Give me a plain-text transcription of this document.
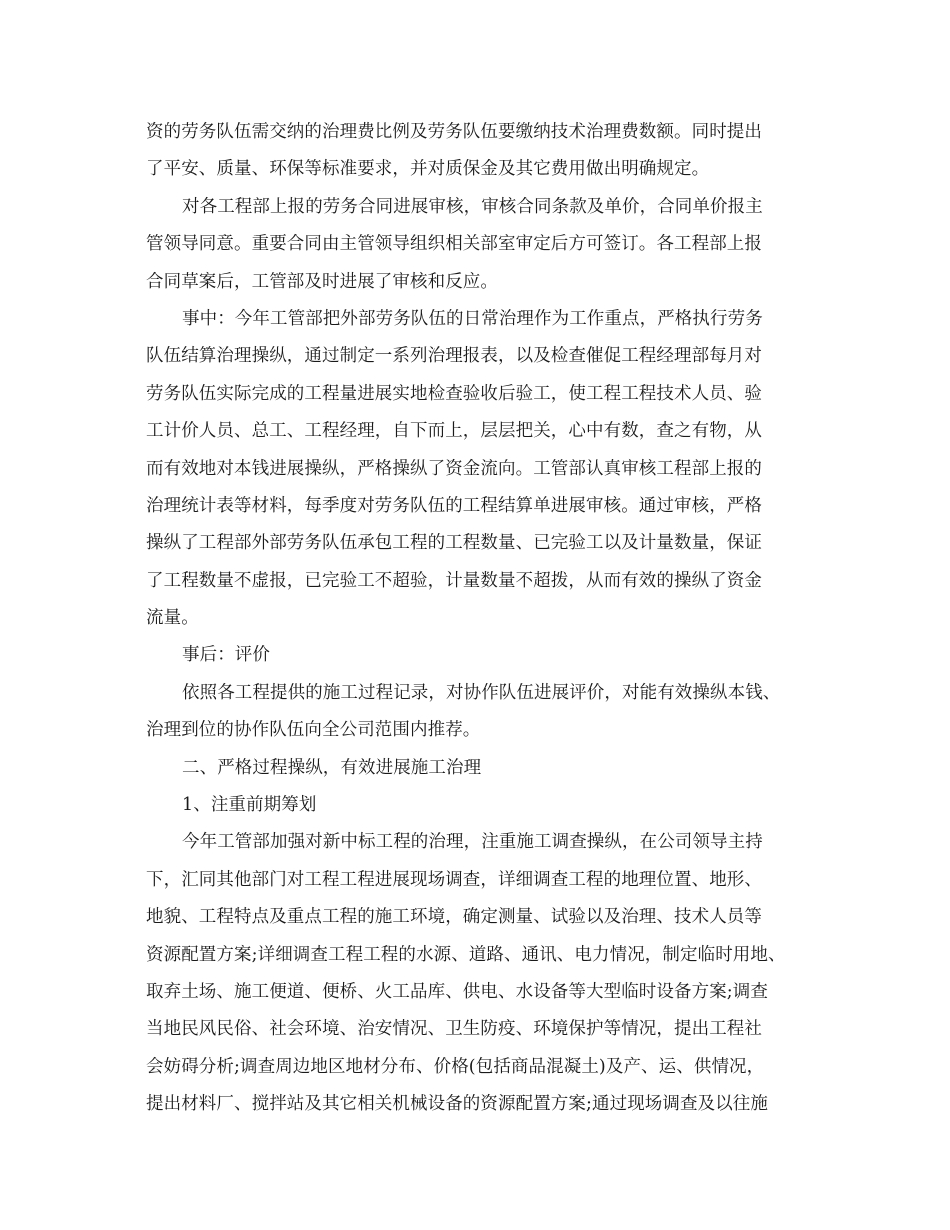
资的劳务队伍需交纳的治理费比例及劳务队伍要缴纳技术治理费数额。同时提出
了平安、质量、环保等标准要求，并对质保金及其它费用做出明确规定。
对各工程部上报的劳务合同进展审核，审核合同条款及单价，合同单价报主
管领导同意。重要合同由主管领导组织相关部室审定后方可签订。各工程部上报
合同草案后，工管部及时进展了审核和反应。
事中：今年工管部把外部劳务队伍的日常治理作为工作重点，严格执行劳务
队伍结算治理操纵，通过制定一系列治理报表，以及检查催促工程经理部每月对
劳务队伍实际完成的工程量进展实地检查验收后验工，使工程工程技术人员、验
工计价人员、总工、工程经理，自下而上，层层把关，心中有数，查之有物，从
而有效地对本钱进展操纵，严格操纵了资金流向。工管部认真审核工程部上报的
治理统计表等材料，每季度对劳务队伍的工程结算单进展审核。通过审核，严格
操纵了工程部外部劳务队伍承包工程的工程数量、已完验工以及计量数量，保证
了工程数量不虚报，已完验工不超验，计量数量不超拨，从而有效的操纵了资金
流量。
事后：评价
依照各工程提供的施工过程记录，对协作队伍进展评价，对能有效操纵本钱、
治理到位的协作队伍向全公司范围内推荐。
二、严格过程操纵，有效进展施工治理
1、注重前期筹划
今年工管部加强对新中标工程的治理，注重施工调查操纵，在公司领导主持
下，汇同其他部门对工程工程进展现场调查，详细调查工程的地理位置、地形、
地貌、工程特点及重点工程的施工环境，确定测量、试验以及治理、技术人员等
资源配置方案;详细调查工程工程的水源、道路、通讯、电力情况，制定临时用地、
取弃土场、施工便道、便桥、火工品库、供电、水设备等大型临时设备方案;调查
当地民风民俗、社会环境、治安情况、卫生防疫、环境保护等情况，提出工程社
会妨碍分析;调查周边地区地材分布、价格(包括商品混凝土)及产、运、供情况，
提出材料厂、搅拌站及其它相关机械设备的资源配置方案;通过现场调查及以往施
